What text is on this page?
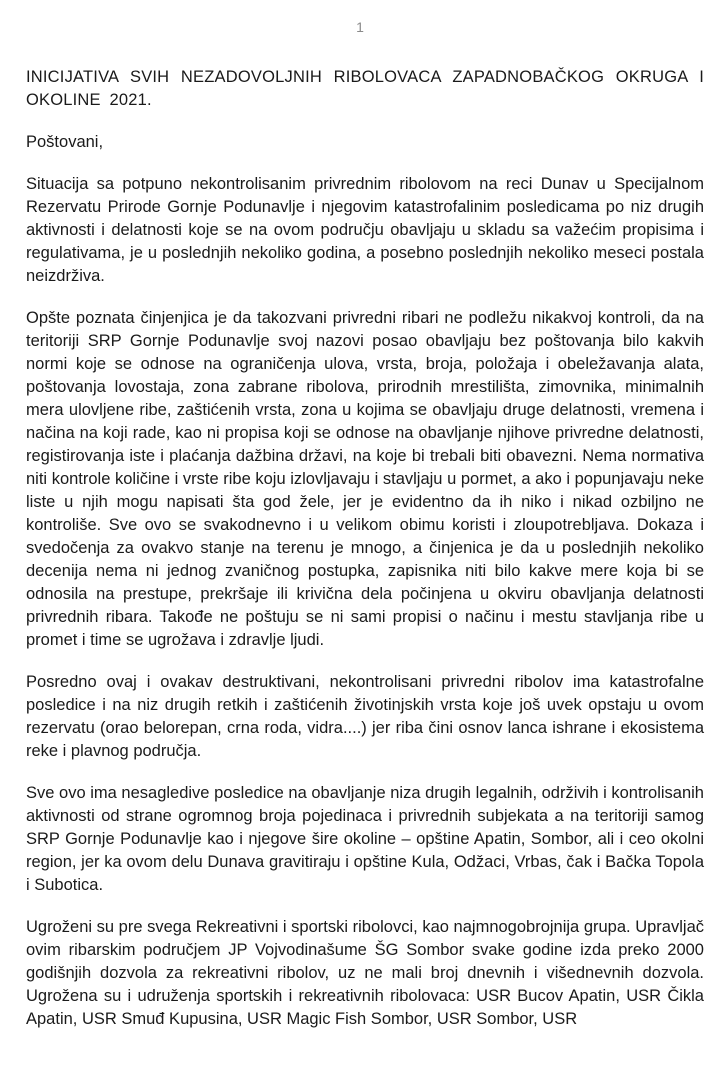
1
INICIJATIVA SVIH NEZADOVOLJNIH RIBOLOVACA ZAPADNOBAČKOG OKRUGA I OKOLINE 2021.

Poštovani,

Situacija sa potpuno nekontrolisanim privrednim ribolovom na reci Dunav u Specijalnom Rezervatu Prirode Gornje Podunavlje i njegovim katastrofalinim posledicama po niz drugih aktivnosti i delatnosti koje se na ovom području obavljaju u skladu sa važećim propisima i regulativama, je u poslednjih nekoliko godina, a posebno poslednjih nekoliko meseci postala neizdrživa.

Opšte poznata činjenjica je da takozvani privredni ribari ne podležu nikakvoj kontroli, da na teritoriji SRP Gornje Podunavlje svoj nazovi posao obavljaju bez poštovanja bilo kakvih normi koje se odnose na ograničenja ulova, vrsta, broja, položaja i obeležavanja alata, poštovanja lovostaja, zona zabrane ribolova, prirodnih mrestilišta, zimovnika, minimalnih mera ulovljene ribe, zaštićenih vrsta, zona u kojima se obavljaju druge delatnosti, vremena i načina na koji rade, kao ni propisa koji se odnose na obavljanje njihove privredne delatnosti, registirovanja iste i plaćanja dažbina državi, na koje bi trebali biti obavezni. Nema normativa niti kontrole količine i vrste ribe koju izlovljavaju i stavljaju u pormet, a ako i popunjavaju neke liste u njih mogu napisati šta god žele, jer je evidentno da ih niko i nikad ozbiljno ne kontroliše. Sve ovo se svakodnevno i u velikom obimu koristi i zloupotrebljava. Dokaza i svedočenja za ovakvo stanje na terenu je mnogo, a činjenica je da u poslednjih nekoliko decenija nema ni jednog zvaničnog postupka, zapisnika niti bilo kakve mere koja bi se odnosila na prestupe, prekršaje ili krivična dela počinjena u okviru obavljanja delatnosti privrednih ribara. Takođe ne poštuju se ni sami propisi o načinu i mestu stavljanja ribe u promet i time se ugrožava i zdravlje ljudi.

Posredno ovaj i ovakav destruktivani, nekontrolisani privredni ribolov ima katastrofalne posledice i na niz drugih retkih i zaštićenih životinjskih vrsta koje još uvek opstaju u ovom rezervatu (orao belorepan, crna roda, vidra....) jer riba čini osnov lanca ishrane i ekosistema reke i plavnog područja.

Sve ovo ima nesagledive posledice na obavljanje niza drugih legalnih, održivih i kontrolisanih aktivnosti od strane ogromnog broja pojedinaca i privrednih subjekata a na teritoriji samog SRP Gornje Podunavlje kao i njegove šire okoline – opštine Apatin, Sombor, ali i ceo okolni region, jer ka ovom delu Dunava gravitiraju i opštine Kula, Odžaci, Vrbas, čak i Bačka Topola i Subotica.

Ugroženi su pre svega Rekreativni i sportski ribolovci, kao najmnogobrojnija grupa. Upravljač ovim ribarskim područjem JP Vojvodinašume ŠG Sombor svake godine izda preko 2000 godišnjih dozvola za rekreativni ribolov, uz ne mali broj dnevnih i višednevnih dozvola. Ugrožena su i udruženja sportskih i rekreativnih ribolovaca: USR Bucov Apatin, USR Čikla Apatin, USR Smuđ Kupusina, USR Magic Fish Sombor, USR Sombor, USR
